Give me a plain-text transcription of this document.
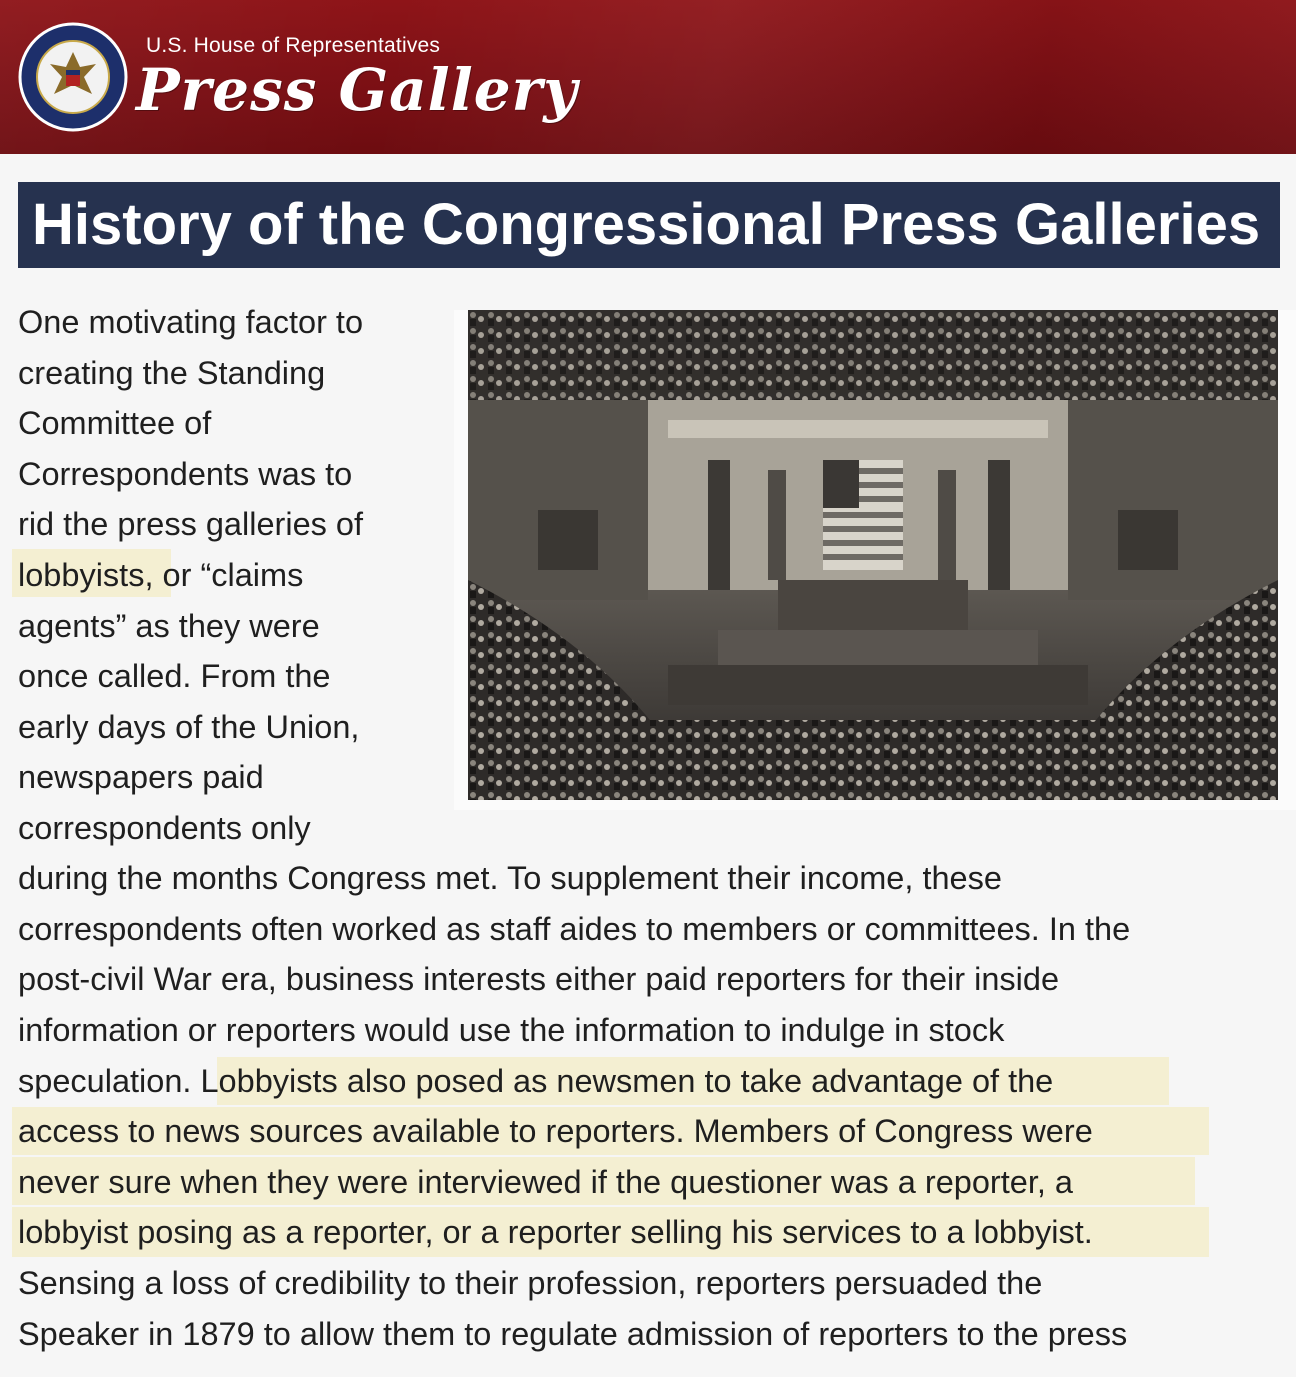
U.S. House of Representatives
Press Gallery
History of the Congressional Press Galleries
One motivating factor to
creating the Standing
Committee of
Correspondents was to
rid the press galleries of
lobbyists, or “claims
agents” as they were
once called. From the
early days of the Union,
newspapers paid
correspondents only
during the months Congress met. To supplement their income, these
correspondents often worked as staff aides to members or committees. In the
post-civil War era, business interests either paid reporters for their inside
information or reporters would use the information to indulge in stock
speculation. Lobbyists also posed as newsmen to take advantage of the
access to news sources available to reporters. Members of Congress were
never sure when they were interviewed if the questioner was a reporter, a
lobbyist posing as a reporter, or a reporter selling his services to a lobbyist.
Sensing a loss of credibility to their profession, reporters persuaded the
Speaker in 1879 to allow them to regulate admission of reporters to the press
